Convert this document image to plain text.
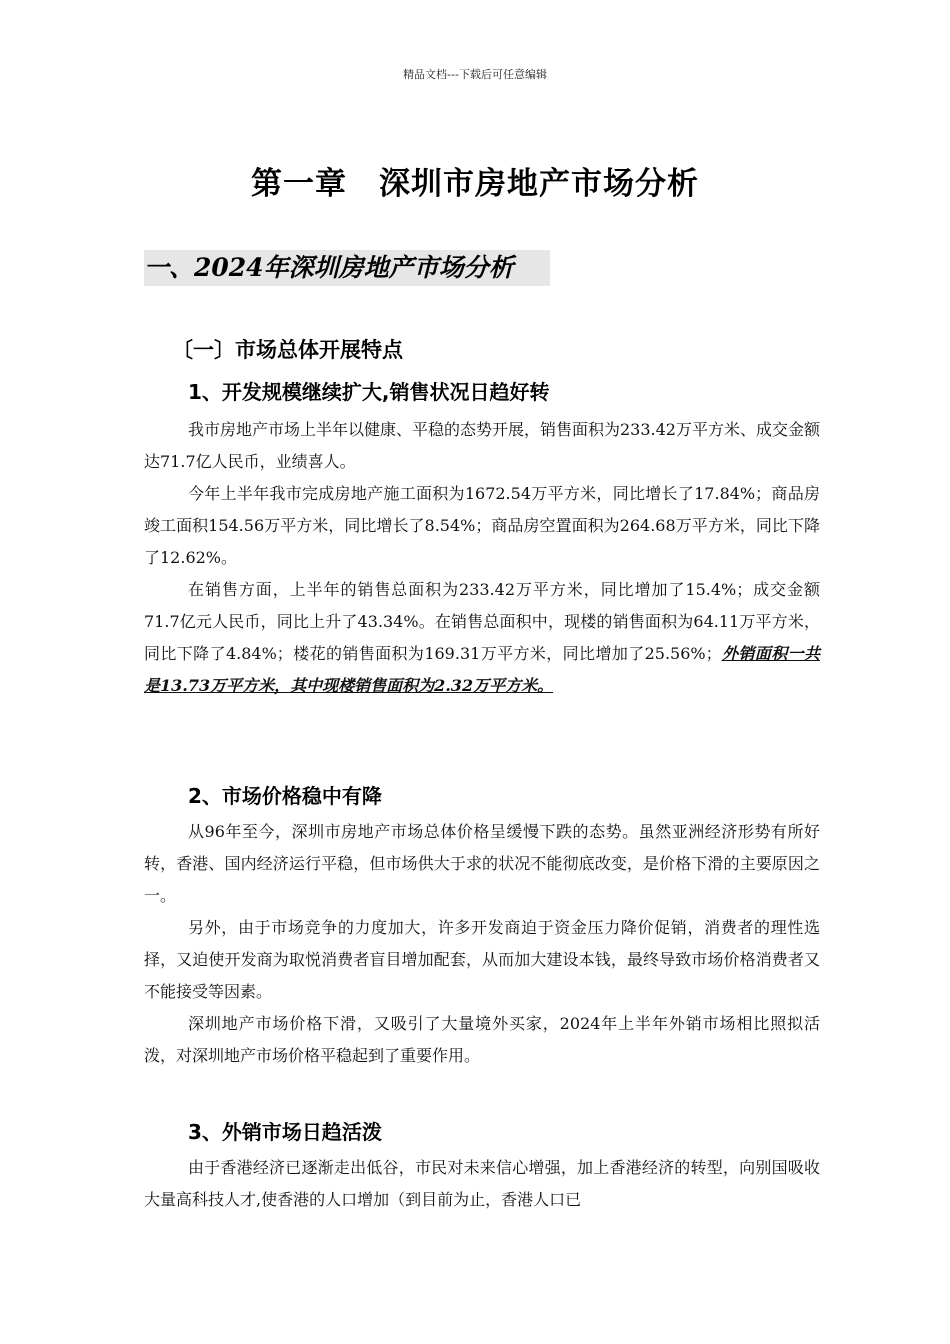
精品文档---下载后可任意编辑
第一章　深圳市房地产市场分析
一、2024年深圳房地产市场分析
〔一〕市场总体开展特点
1、开发规模继续扩大,销售状况日趋好转

我市房地产市场上半年以健康、平稳的态势开展，销售面积为233.42万平方米、成交金额达71.7亿人民币，业绩喜人。

今年上半年我市完成房地产施工面积为1672.54万平方米，同比增长了17.84%；商品房竣工面积154.56万平方米，同比增长了8.54%；商品房空置面积为264.68万平方米，同比下降了12.62%。

在销售方面，上半年的销售总面积为233.42万平方米，同比增加了15.4%；成交金额71.7亿元人民币，同比上升了43.34%。在销售总面积中，现楼的销售面积为64.11万平方米，同比下降了4.84%；楼花的销售面积为169.31万平方米，同比增加了25.56%；外销面积一共是13.73万平方米，其中现楼销售面积为2.32万平方米。

2、市场价格稳中有降

从96年至今，深圳市房地产市场总体价格呈缓慢下跌的态势。虽然亚洲经济形势有所好转，香港、国内经济运行平稳，但市场供大于求的状况不能彻底改变，是价格下滑的主要原因之一。

另外，由于市场竞争的力度加大，许多开发商迫于资金压力降价促销，消费者的理性选择，又迫使开发商为取悦消费者盲目增加配套，从而加大建设本钱，最终导致市场价格消费者又不能接受等因素。

深圳地产市场价格下滑，又吸引了大量境外买家，2024年上半年外销市场相比照拟活泼，对深圳地产市场价格平稳起到了重要作用。

3、外销市场日趋活泼

由于香港经济已逐渐走出低谷，市民对未来信心增强，加上香港经济的转型，向别国吸收大量高科技人才,使香港的人口增加（到目前为止，香港人口已
